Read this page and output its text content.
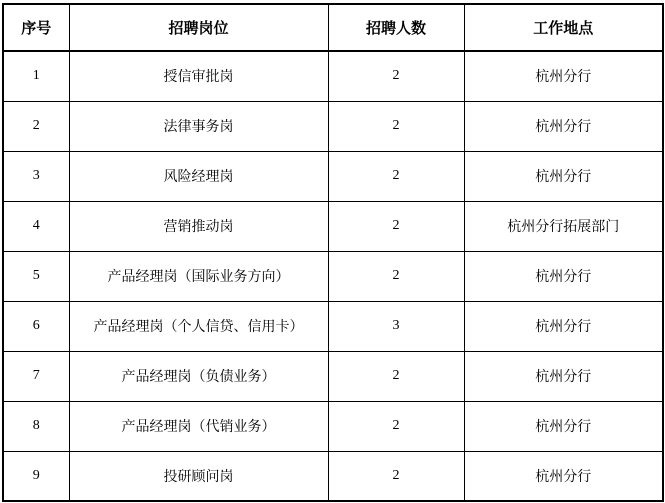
序号	招聘岗位	招聘人数	工作地点
1	授信审批岗	2	杭州分行
2	法律事务岗	2	杭州分行
3	风险经理岗	2	杭州分行
4	营销推动岗	2	杭州分行拓展部门
5	产品经理岗（国际业务方向）	2	杭州分行
6	产品经理岗（个人信贷、信用卡）	3	杭州分行
7	产品经理岗（负债业务）	2	杭州分行
8	产品经理岗（代销业务）	2	杭州分行
9	投研顾问岗	2	杭州分行
